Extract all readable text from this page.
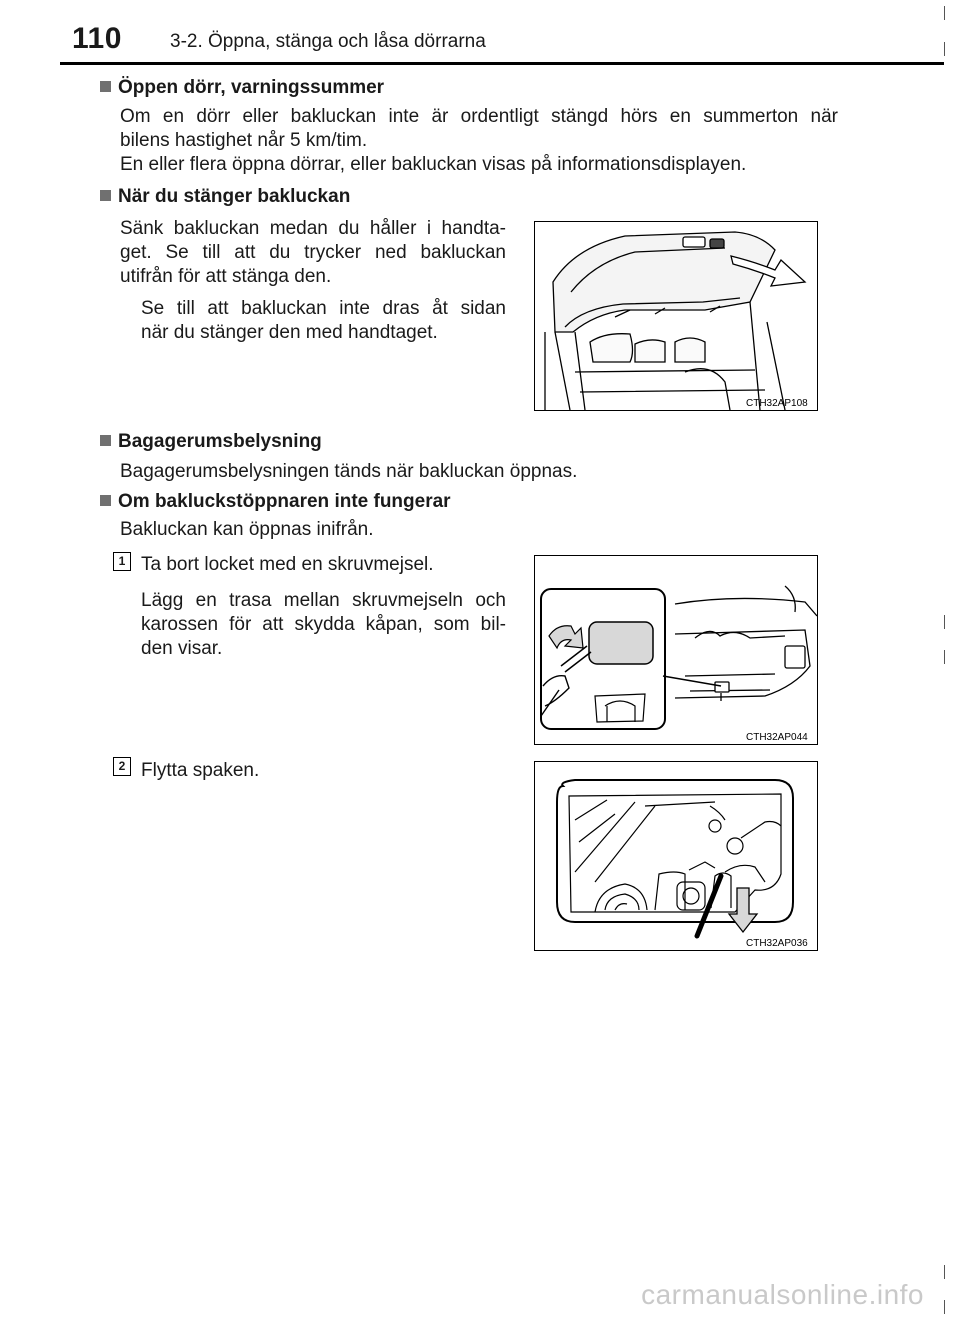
110	3-2. Öppna, stänga och låsa dörrarna
Öppen dörr, varningssummer
Om en dörr eller bakluckan inte är ordentligt stängd hörs en summerton när
bilens hastighet når 5 km/tim.
En eller flera öppna dörrar, eller bakluckan visas på informationsdisplayen.
När du stänger bakluckan
Sänk bakluckan medan du håller i handta-
get. Se till att du trycker ned bakluckan
utifrån för att stänga den.
Se till att bakluckan inte dras åt sidan
när du stänger den med handtaget.
CTH32AP108
Bagagerumsbelysning
Bagagerumsbelysningen tänds när bakluckan öppnas.
Om bakluckstöppnaren inte fungerar
Bakluckan kan öppnas inifrån.
1 Ta bort locket med en skruvmejsel.
Lägg en trasa mellan skruvmejseln och
karossen för att skydda kåpan, som bil-
den visar.
CTH32AP044
2 Flytta spaken.
CTH32AP036
carmanualsonline.info
